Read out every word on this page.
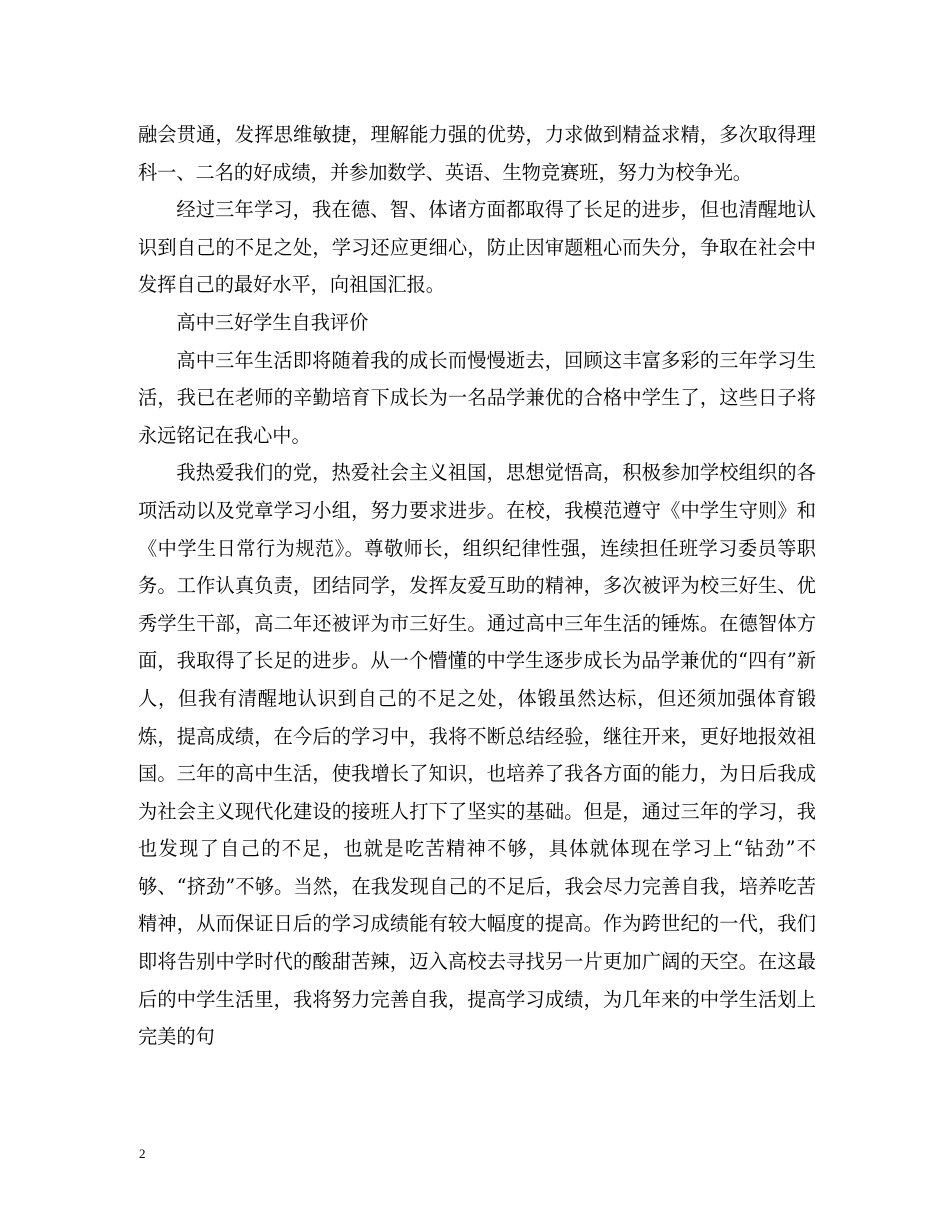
融会贯通，发挥思维敏捷，理解能力强的优势，力求做到精益求精，多次取得理科一、二名的好成绩，并参加数学、英语、生物竞赛班，努力为校争光。

经过三年学习，我在德、智、体诸方面都取得了长足的进步，但也清醒地认识到自己的不足之处，学习还应更细心，防止因审题粗心而失分，争取在社会中发挥自己的最好水平，向祖国汇报。

高中三好学生自我评价

高中三年生活即将随着我的成长而慢慢逝去，回顾这丰富多彩的三年学习生活，我已在老师的辛勤培育下成长为一名品学兼优的合格中学生了，这些日子将永远铭记在我心中。

我热爱我们的党，热爱社会主义祖国，思想觉悟高，积极参加学校组织的各项活动以及党章学习小组，努力要求进步。在校，我模范遵守《中学生守则》和《中学生日常行为规范》。尊敬师长，组织纪律性强，连续担任班学习委员等职务。工作认真负责，团结同学，发挥友爱互助的精神，多次被评为校三好生、优秀学生干部，高二年还被评为市三好生。通过高中三年生活的锤炼。在德智体方面，我取得了长足的进步。从一个懵懂的中学生逐步成长为品学兼优的“四有”新人，但我有清醒地认识到自己的不足之处，体锻虽然达标，但还须加强体育锻炼，提高成绩，在今后的学习中，我将不断总结经验，继往开来，更好地报效祖国。三年的高中生活，使我增长了知识，也培养了我各方面的能力，为日后我成为社会主义现代化建设的接班人打下了坚实的基础。但是，通过三年的学习，我也发现了自己的不足，也就是吃苦精神不够，具体就体现在学习上“钻劲”不够、“挤劲”不够。当然，在我发现自己的不足后，我会尽力完善自我，培养吃苦精神，从而保证日后的学习成绩能有较大幅度的提高。作为跨世纪的一代，我们即将告别中学时代的酸甜苦辣，迈入高校去寻找另一片更加广阔的天空。在这最后的中学生活里，我将努力完善自我，提高学习成绩，为几年来的中学生活划上完美的句

2
